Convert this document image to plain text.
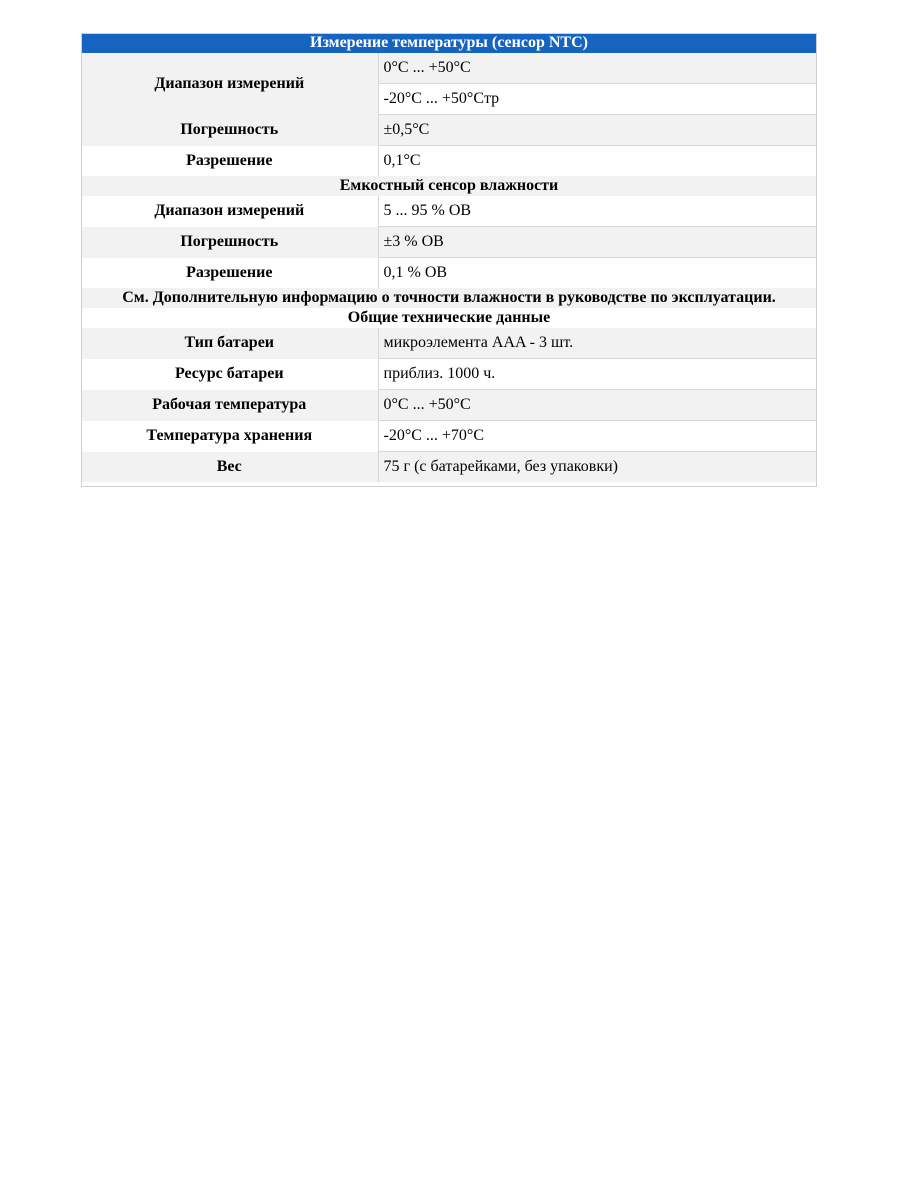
Измерение температуры (сенсор NTC)	
Диапазон измерений	0°C ... +50°C
	-20°C ... +50°Cтр
Погрешность	±0,5°C
Разрешение	0,1°C
Емкостный сенсор влажности	
Диапазон измерений	5 ... 95 % ОВ
Погрешность	±3 % ОВ
Разрешение	0,1 % ОВ
См. Дополнительную информацию о точности влажности в руководстве по эксплуатации.	
Общие технические данные	
Тип батареи	микроэлемента AAA - 3 шт.
Ресурс батареи	приблиз. 1000 ч.
Рабочая температура	0°C ... +50°C
Температура хранения	-20°C ... +70°C
Вес	75 г (с батарейками, без упаковки)
